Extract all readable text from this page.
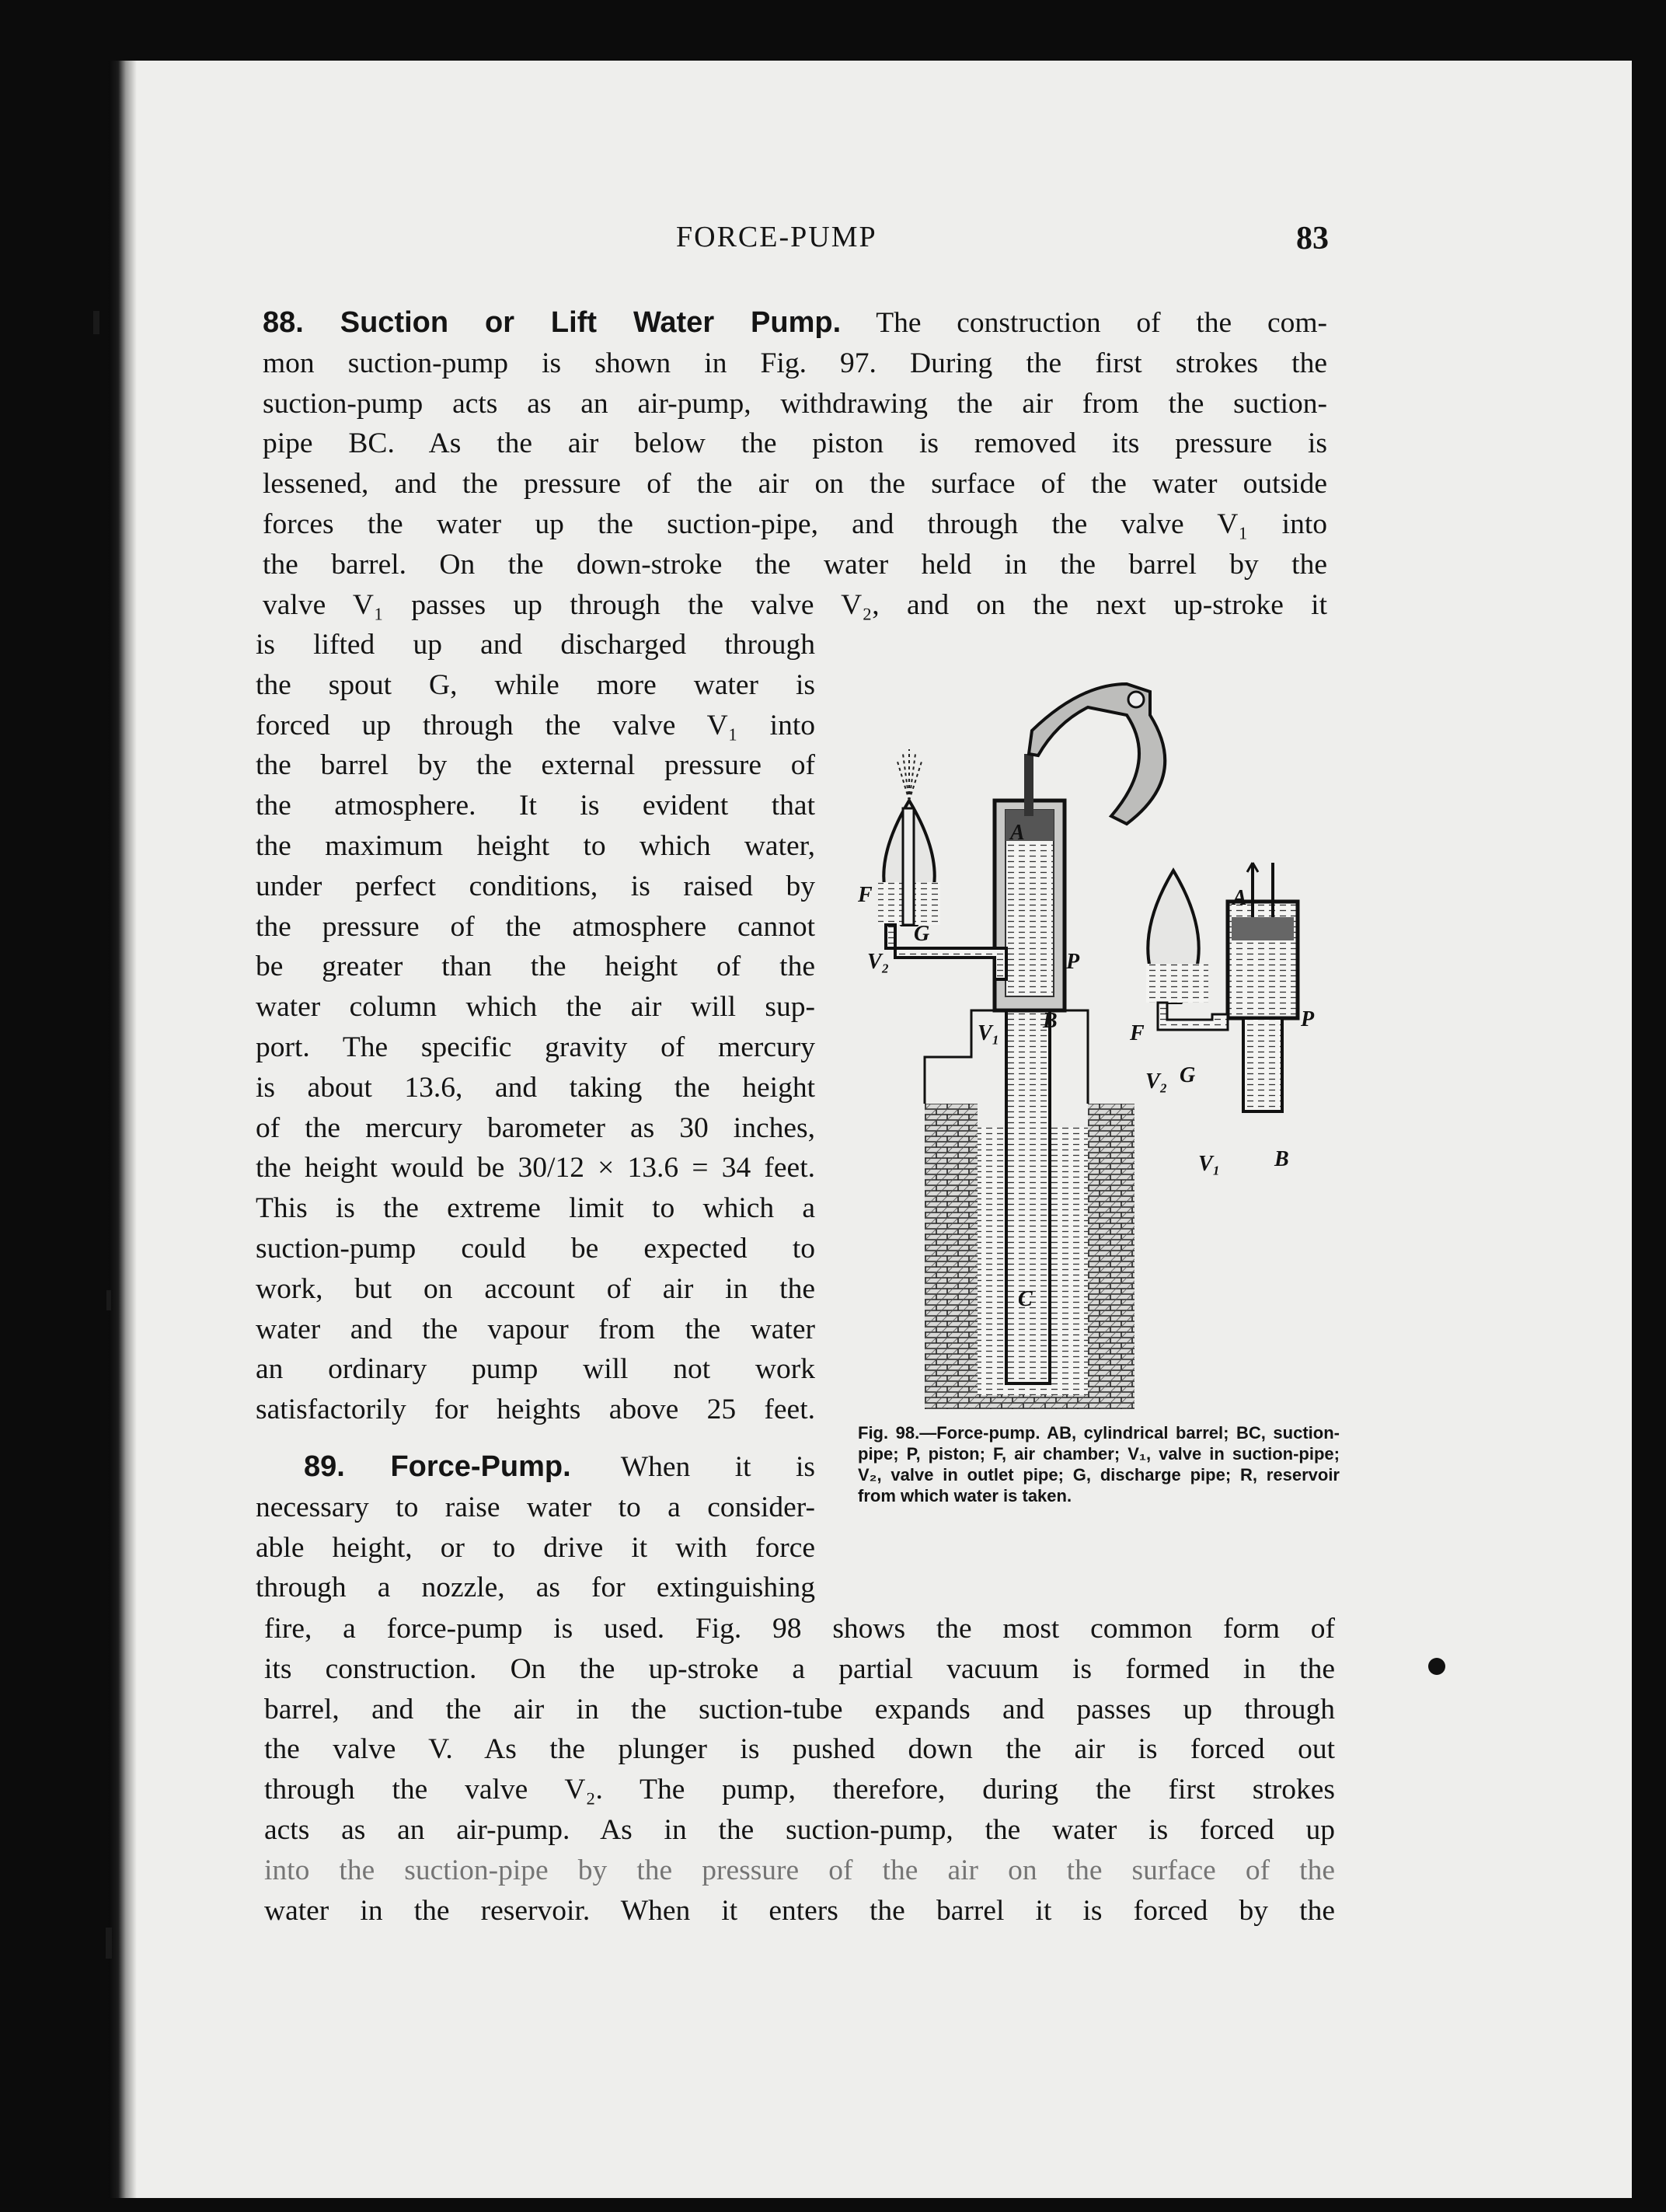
FORCE-PUMP	83
88. Suction or Lift Water Pump. The construction of the com-
mon suction-pump is shown in Fig. 97. During the first strokes the
suction-pump acts as an air-pump, withdrawing the air from the suction-
pipe BC. As the air below the piston is removed its pressure is
lessened, and the pressure of the air on the surface of the water outside
forces the water up the suction-pipe, and through the valve V₁ into
the barrel. On the down-stroke the water held in the barrel by the
valve V₁ passes up through the valve V₂, and on the next up-stroke it
is lifted up and discharged through
the spout G, while more water is
forced up through the valve V₁ into
the barrel by the external pressure of
the atmosphere. It is evident that
the maximum height to which water,
under perfect conditions, is raised by
the pressure of the atmosphere cannot
be greater than the height of the
water column which the air will sup-
port. The specific gravity of mercury
is about 13.6, and taking the height
of the mercury barometer as 30 inches,
the height would be 30/12 × 13.6 = 34 feet.
This is the extreme limit to which a
suction-pump could be expected to
work, but on account of air in the
water and the vapour from the water
an ordinary pump will not work
satisfactorily for heights above 25 feet.
89. Force-Pump. When it is
necessary to raise water to a consider-
able height, or to drive it with force
through a nozzle, as for extinguishing
fire, a force-pump is used. Fig. 98 shows the most common form of
its construction. On the up-stroke a partial vacuum is formed in the
barrel, and the air in the suction-tube expands and passes up through
the valve V. As the plunger is pushed down the air is forced out
through the valve V₂. The pump, therefore, during the first strokes
acts as an air-pump. As in the suction-pump, the water is forced up
into the suction-pipe by the pressure of the air on the surface of the
water in the reservoir. When it enters the barrel it is forced by the
A
B
C
F
G
P
V₁
V₂
A
B
F
G
P
V₁
V₂
Fig. 98.—Force-pump. AB, cylindrical barrel; BC, suction-pipe; P, piston; F, air chamber; V₁, valve in suction-pipe; V₂, valve in outlet pipe; G, discharge pipe; R, reservoir from which water is taken.
